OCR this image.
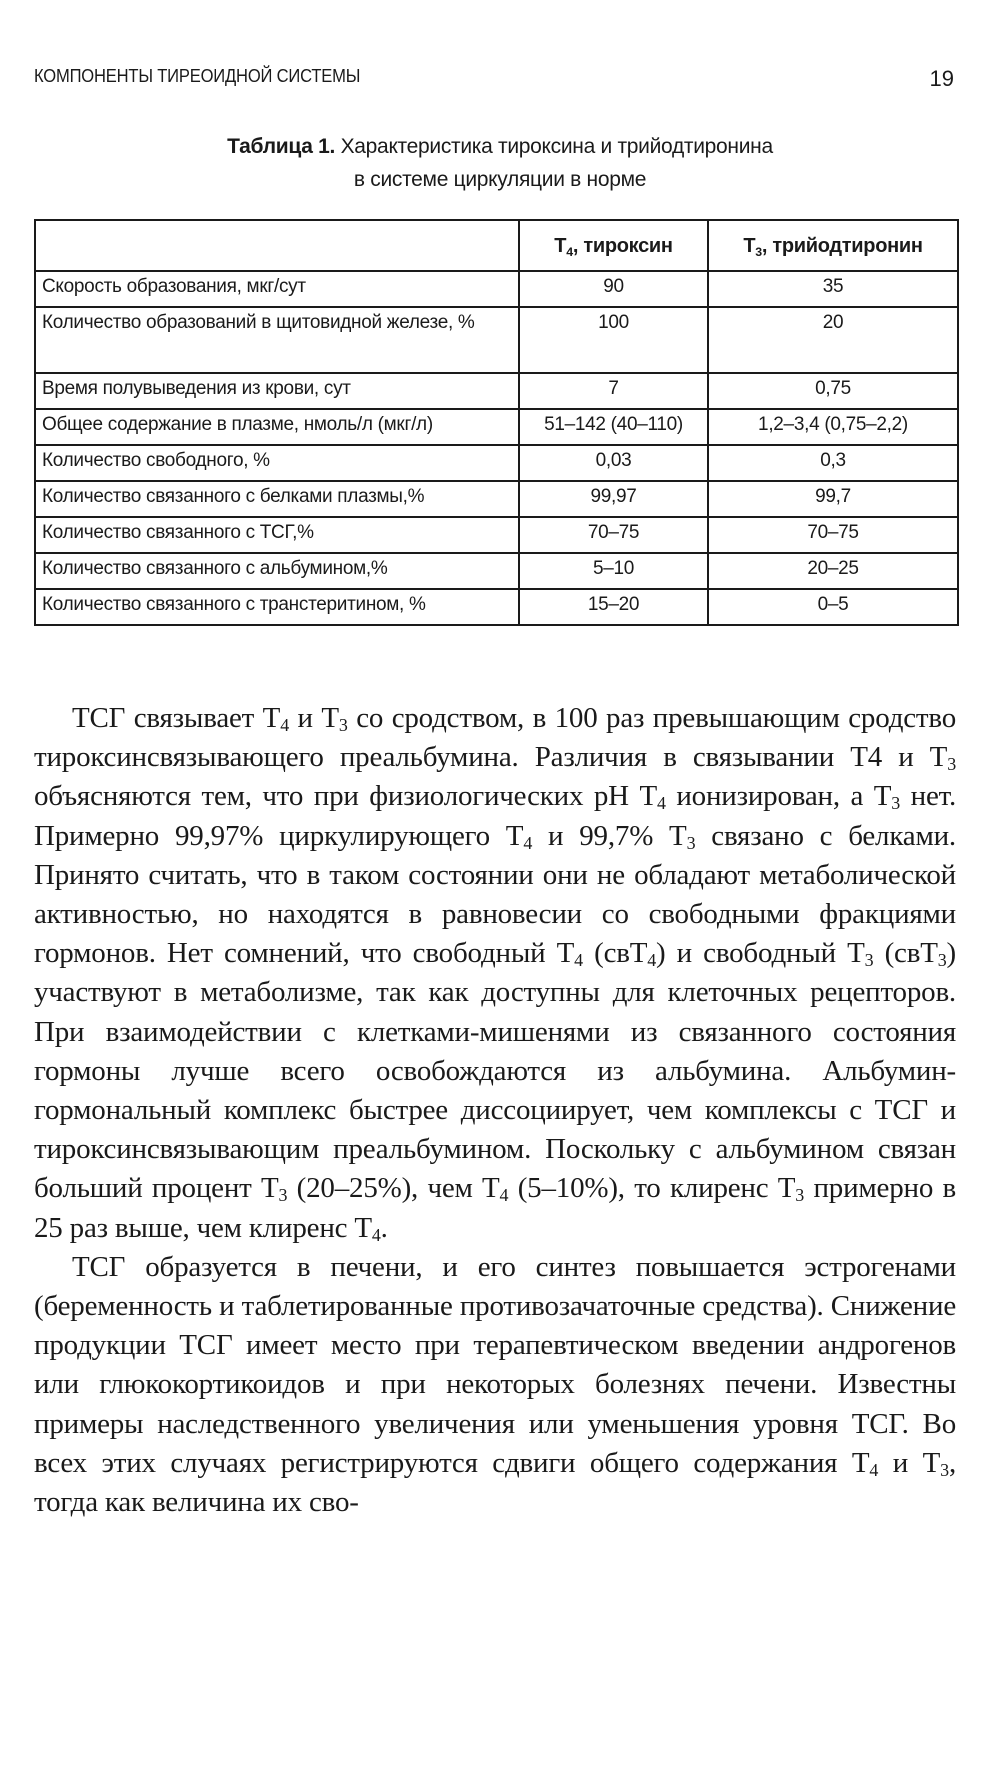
КОМПОНЕНТЫ ТИРЕОИДНОЙ СИСТЕМЫ	19
Таблица 1. Характеристика тироксина и трийодтиронина
в системе циркуляции в норме
	$Т_4$, тироксин	$Т_3$, трийодтиронин
Скорость образования, мкг/сут	90	35
Количество образований в щитовидной железе, %	100	20
Время полувыведения из крови, сут	7	0,75
Общее содержание в плазме, нмоль/л (мкг/л)	51–142 (40–110)	1,2–3,4 (0,75–2,2)
Количество свободного, %	0,03	0,3
Количество связанного с белками плазмы,%	99,97	99,7
Количество связанного с ТСГ,%	70–75	70–75
Количество связанного с альбумином,%	5–10	20–25
Количество связанного с транстеритином, %	15–20	0–5

ТСГ связывает $Т_4$ и $Т_3$ со сродством, в 100 раз превышающим сродство тироксинсвязывающего преальбумина. Различия в связывании Т4 и $Т_3$ объясняются тем, что при физиологических pH $Т_4$ ионизирован, а $Т_3$ нет. Примерно 99,97% циркулирующего $Т_4$ и 99,7% $Т_3$ связано с белками. Принято считать, что в таком состоянии они не обладают метаболической активностью, но находятся в равновесии со свободными фракциями гормонов. Нет сомнений, что свободный $Т_4$ (свТ$_4$) и свободный $Т_3$ (свТ$_3$) участвуют в метаболизме, так как доступны для клеточных рецепторов. При взаимодействии с клетками-мишенями из связанного состояния гормоны лучше всего освобождаются из альбумина. Альбумин-гормональный комплекс быстрее диссоциирует, чем комплексы с ТСГ и тироксинсвязывающим преальбумином. Поскольку с альбумином связан больший процент $Т_3$ (20–25%), чем $Т_4$ (5–10%), то клиренс $Т_3$ примерно в 25 раз выше, чем клиренс $Т_4$.

ТСГ образуется в печени, и его синтез повышается эстрогенами (беременность и таблетированные противозачаточные средства). Снижение продукции ТСГ имеет место при терапевтическом введении андрогенов или глюкокортикоидов и при некоторых болезнях печени. Известны примеры наследственного увеличения или уменьшения уровня ТСГ. Во всех этих случаях регистрируются сдвиги общего содержания $Т_4$ и $Т_3$, тогда как величина их сво-
